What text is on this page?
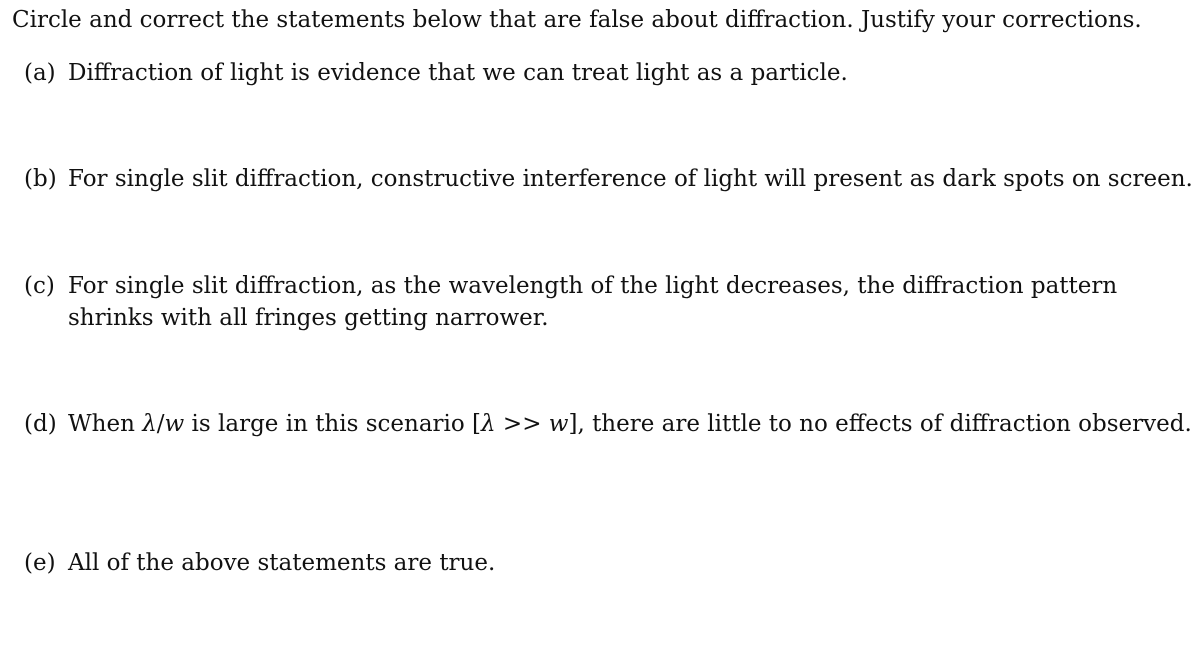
Circle and correct the statements below that are false about diffraction. Justify your corrections.
(a) Diffraction of light is evidence that we can treat light as a particle.
(b) For single slit diffraction, constructive interference of light will present as dark spots on screen.
(c) For single slit diffraction, as the wavelength of the light decreases, the diffraction pattern shrinks with all fringes getting narrower.
(d) When λ/w is large in this scenario [λ >> w], there are little to no effects of diffraction observed.
(e) All of the above statements are true.
